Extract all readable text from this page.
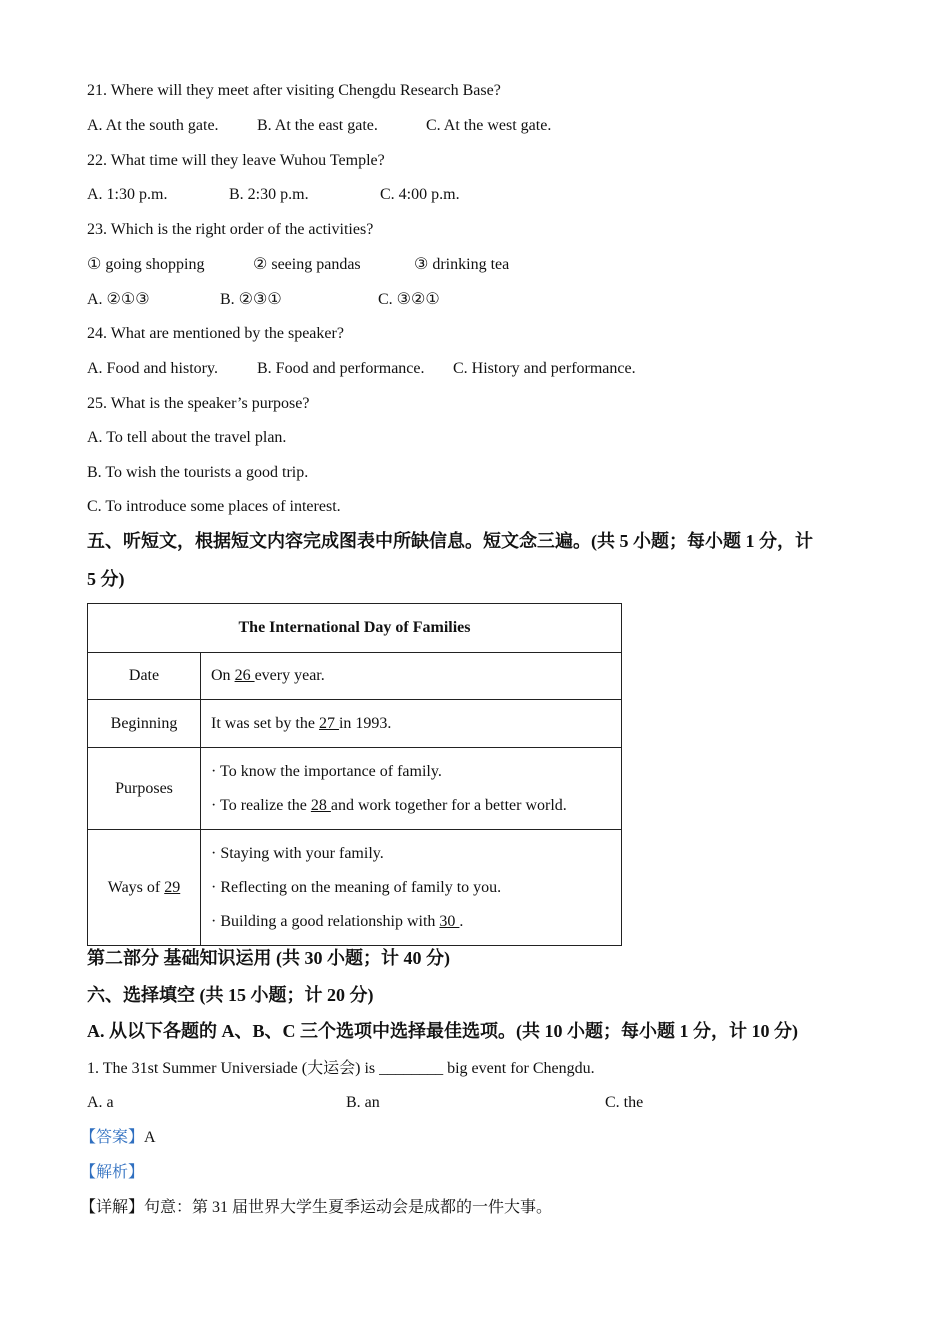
21. Where will they meet after visiting Chengdu Research Base?
A. At the south gate. B. At the east gate.	C. At the west gate.
22. What time will they leave Wuhou Temple?
A. 1:30 p.m.	B. 2:30 p.m.	C. 4:00 p.m.
23. Which is the right order of the activities?
① going shopping	② seeing pandas	③ drinking tea
A. ②①③	B. ②③①	C. ③②①
24. What are mentioned by the speaker?
A. Food and history. B. Food and performance. C. History and performance.
25. What is the speaker’s purpose?
A. To tell about the travel plan.
B. To wish the tourists a good trip.
C. To introduce some places of interest.
五、听短文，根据短文内容完成图表中所缺信息。短文念三遍。(共 5 小题；每小题 1 分，计
5 分)
The International Day of Families	
Date	On 26 every year.
Beginning	It was set by the 27 in 1993.
Purposes	· To know the importance of family.
· To realize the 28 and work together for a better world.

Ways of 29	· Staying with your family.
· Reflecting on the meaning of family to you.
· Building a good relationship with 30 .
第二部分 基础知识运用 (共 30 小题；计 40 分)
六、选择填空 (共 15 小题；计 20 分)
A. 从以下各题的 A、B、C 三个选项中选择最佳选项。(共 10 小题；每小题 1 分，计 10 分)
1. The 31st Summer Universiade (大运会) is ________ big event for Chengdu.
A. a	B. an	C. the
【答案】A
【解析】
【详解】句意：第 31 届世界大学生夏季运动会是成都的一件大事。
